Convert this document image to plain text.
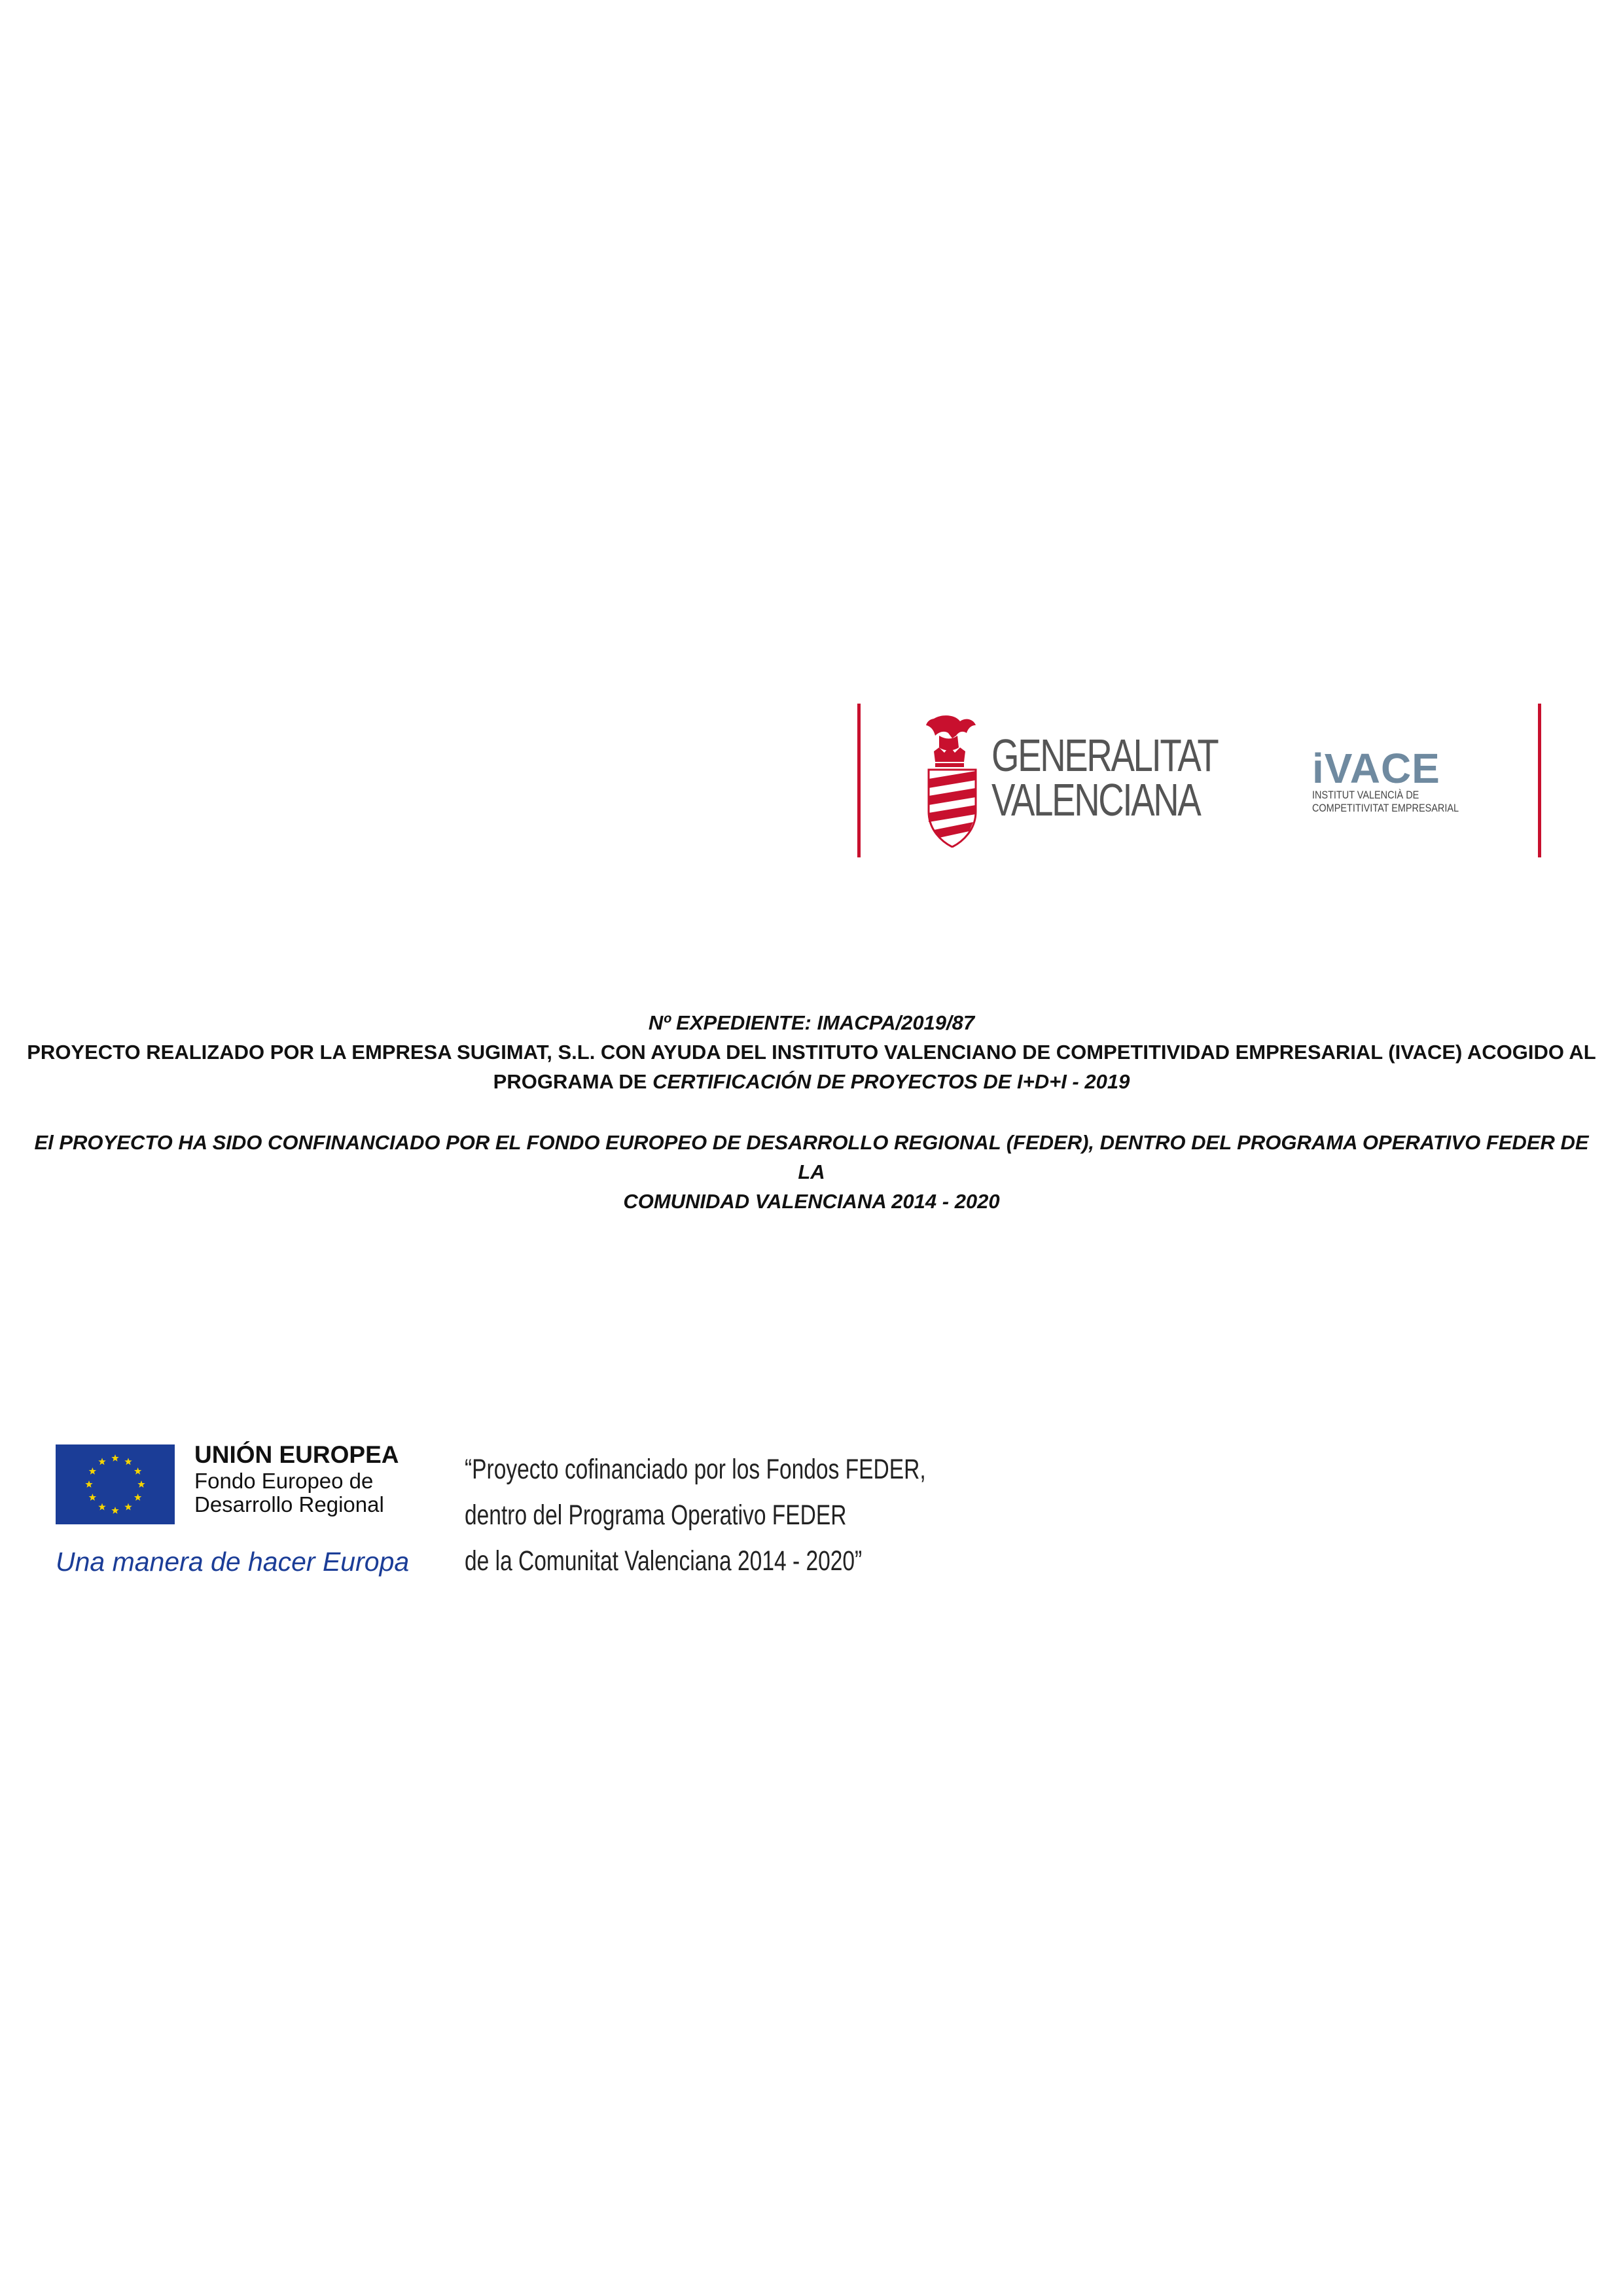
GENERALITAT
VALENCIANA
iVACE
INSTITUT VALENCIÀ DE
COMPETITIVITAT EMPRESARIAL
Nº EXPEDIENTE: IMACPA/2019/87
PROYECTO REALIZADO POR LA EMPRESA SUGIMAT, S.L. CON AYUDA DEL INSTITUTO VALENCIANO DE COMPETITIVIDAD EMPRESARIAL (IVACE) ACOGIDO AL
PROGRAMA DE CERTIFICACIÓN DE PROYECTOS DE I+D+I - 2019
El PROYECTO HA SIDO CONFINANCIADO POR EL FONDO EUROPEO DE DESARROLLO REGIONAL (FEDER), DENTRO DEL PROGRAMA OPERATIVO FEDER DE LA
COMUNIDAD VALENCIANA 2014 - 2020
UNIÓN EUROPEA
Fondo Europeo de
Desarrollo Regional
Una manera de hacer Europa
“Proyecto cofinanciado por los Fondos FEDER,
dentro del Programa Operativo FEDER
de la Comunitat Valenciana 2014 - 2020”
